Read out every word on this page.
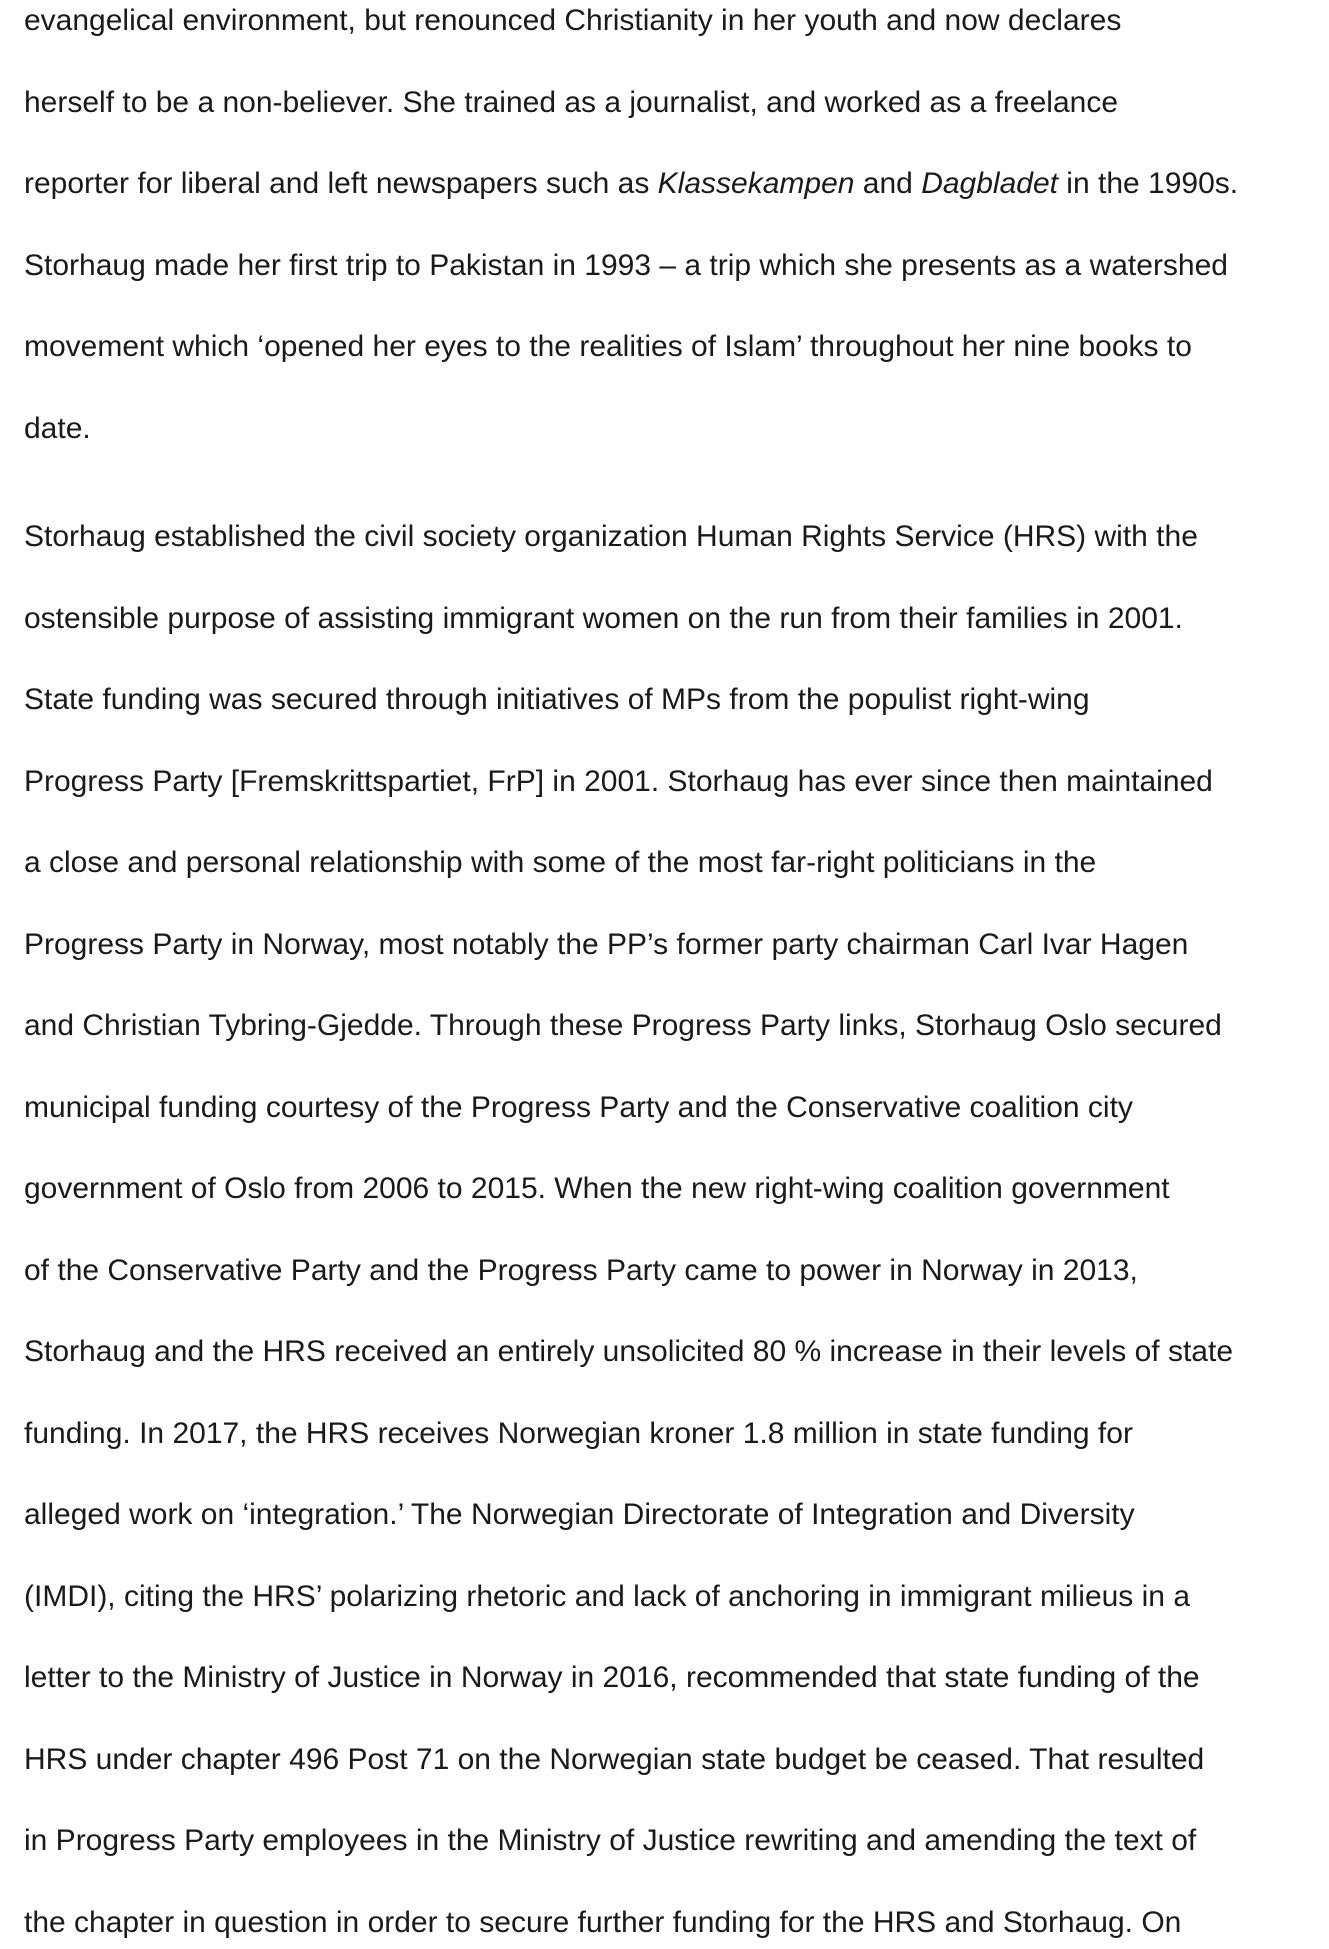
evangelical environment, but renounced Christianity in her youth and now declares
herself to be a non-believer. She trained as a journalist, and worked as a freelance
reporter for liberal and left newspapers such as Klassekampen and Dagbladet in the 1990s.
Storhaug made her first trip to Pakistan in 1993 – a trip which she presents as a watershed
movement which ‘opened her eyes to the realities of Islam’ throughout her nine books to
date.
Storhaug established the civil society organization Human Rights Service (HRS) with the
ostensible purpose of assisting immigrant women on the run from their families in 2001.
State funding was secured through initiatives of MPs from the populist right-wing
Progress Party [Fremskrittspartiet, FrP] in 2001. Storhaug has ever since then maintained
a close and personal relationship with some of the most far-right politicians in the
Progress Party in Norway, most notably the PP’s former party chairman Carl Ivar Hagen
and Christian Tybring-Gjedde. Through these Progress Party links, Storhaug Oslo secured
municipal funding courtesy of the Progress Party and the Conservative coalition city
government of Oslo from 2006 to 2015. When the new right-wing coalition government
of the Conservative Party and the Progress Party came to power in Norway in 2013,
Storhaug and the HRS received an entirely unsolicited 80 % increase in their levels of state
funding. In 2017, the HRS receives Norwegian kroner 1.8 million in state funding for
alleged work on ‘integration.’ The Norwegian Directorate of Integration and Diversity
(IMDI), citing the HRS’ polarizing rhetoric and lack of anchoring in immigrant milieus in a
letter to the Ministry of Justice in Norway in 2016, recommended that state funding of the
HRS under chapter 496 Post 71 on the Norwegian state budget be ceased. That resulted
in Progress Party employees in the Ministry of Justice rewriting and amending the text of
the chapter in question in order to secure further funding for the HRS and Storhaug. On
